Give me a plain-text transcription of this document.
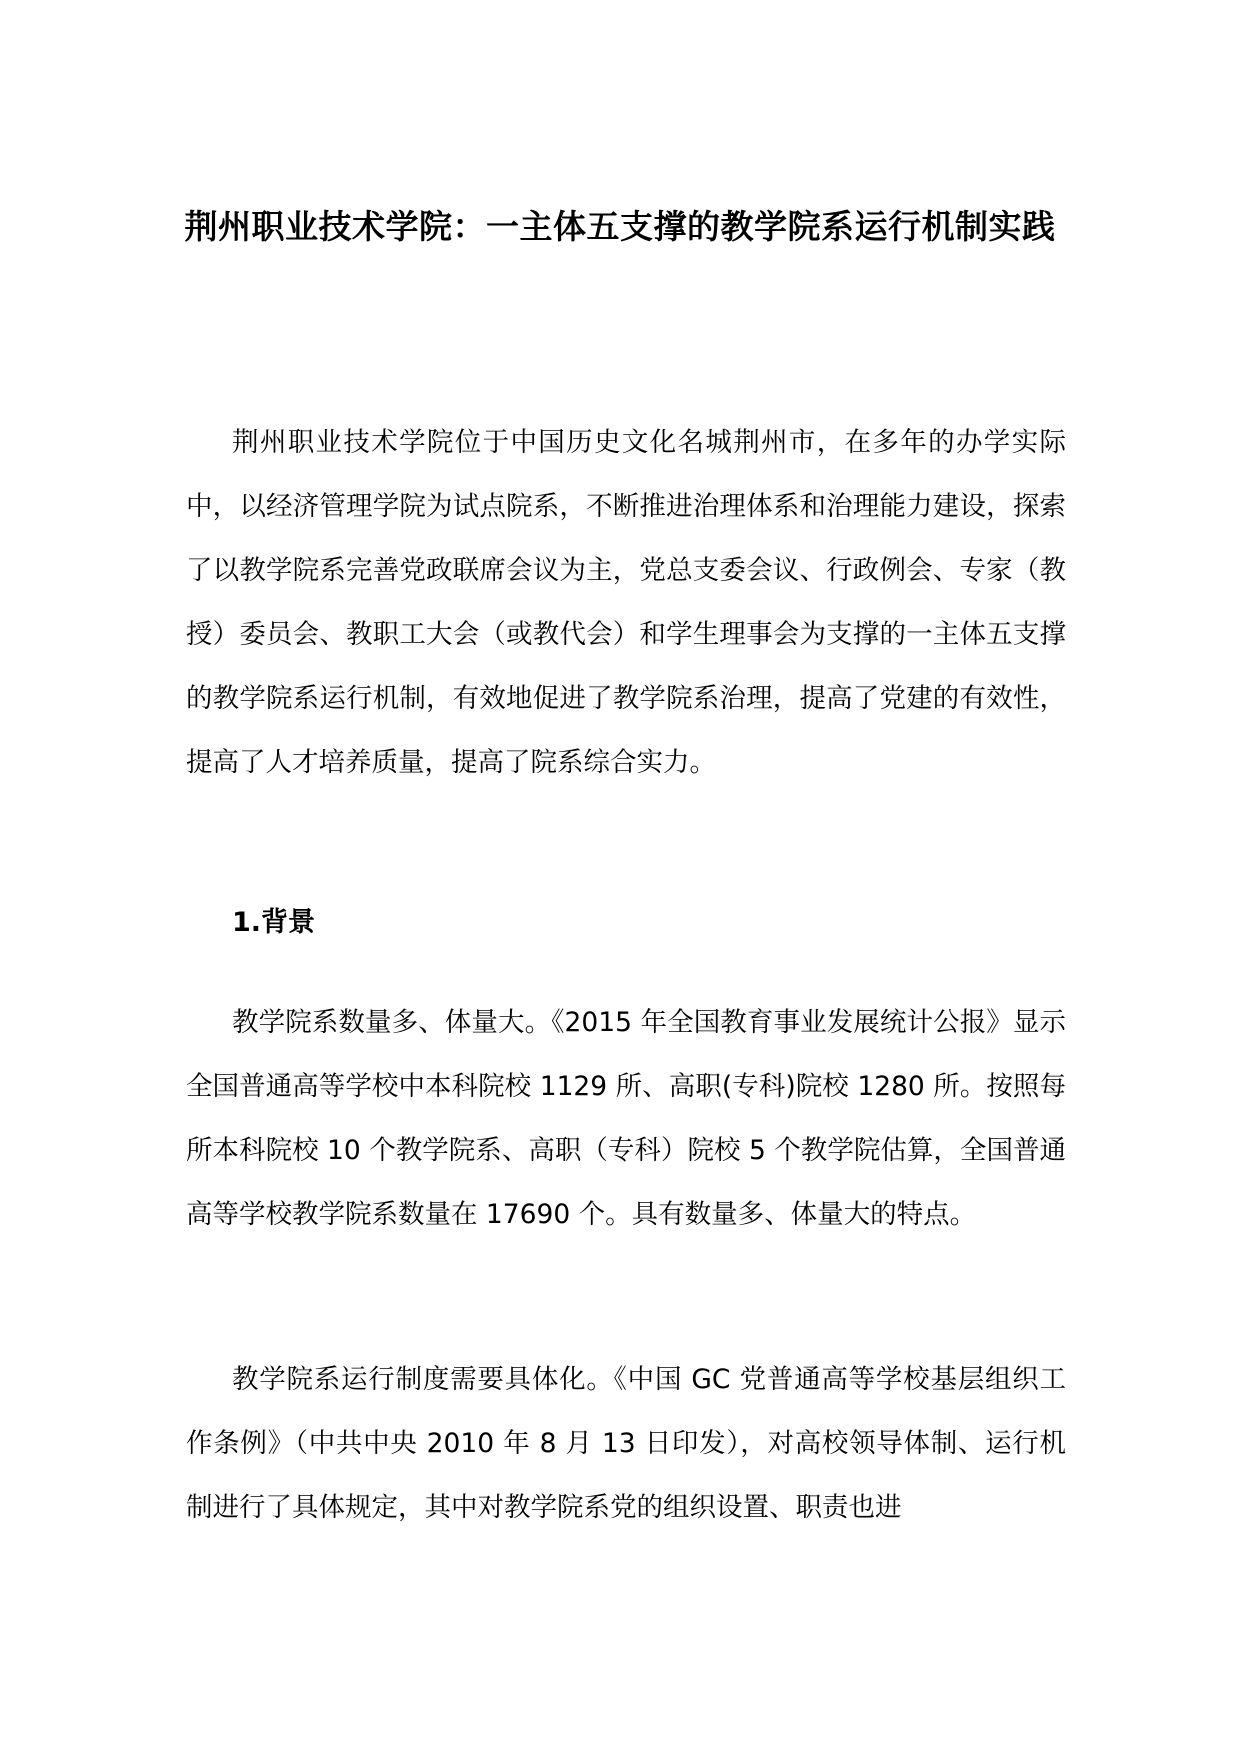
荆州职业技术学院：一主体五支撑的教学院系运行机制实践

荆州职业技术学院位于中国历史文化名城荆州市，在多年的办学实际中，以经济管理学院为试点院系，不断推进治理体系和治理能力建设，探索了以教学院系完善党政联席会议为主，党总支委会议、行政例会、专家（教授）委员会、教职工大会（或教代会）和学生理事会为支撑的一主体五支撑的教学院系运行机制，有效地促进了教学院系治理，提高了党建的有效性，提高了人才培养质量，提高了院系综合实力。

1.背景

教学院系数量多、体量大。《2015 年全国教育事业发展统计公报》显示全国普通高等学校中本科院校 1129 所、高职(专科)院校 1280 所。按照每所本科院校 10 个教学院系、高职（专科）院校 5 个教学院估算，全国普通高等学校教学院系数量在 17690 个。具有数量多、体量大的特点。

教学院系运行制度需要具体化。《中国 GC 党普通高等学校基层组织工作条例》（中共中央 2010 年 8 月 13 日印发），对高校领导体制、运行机制进行了具体规定，其中对教学院系党的组织设置、职责也进
